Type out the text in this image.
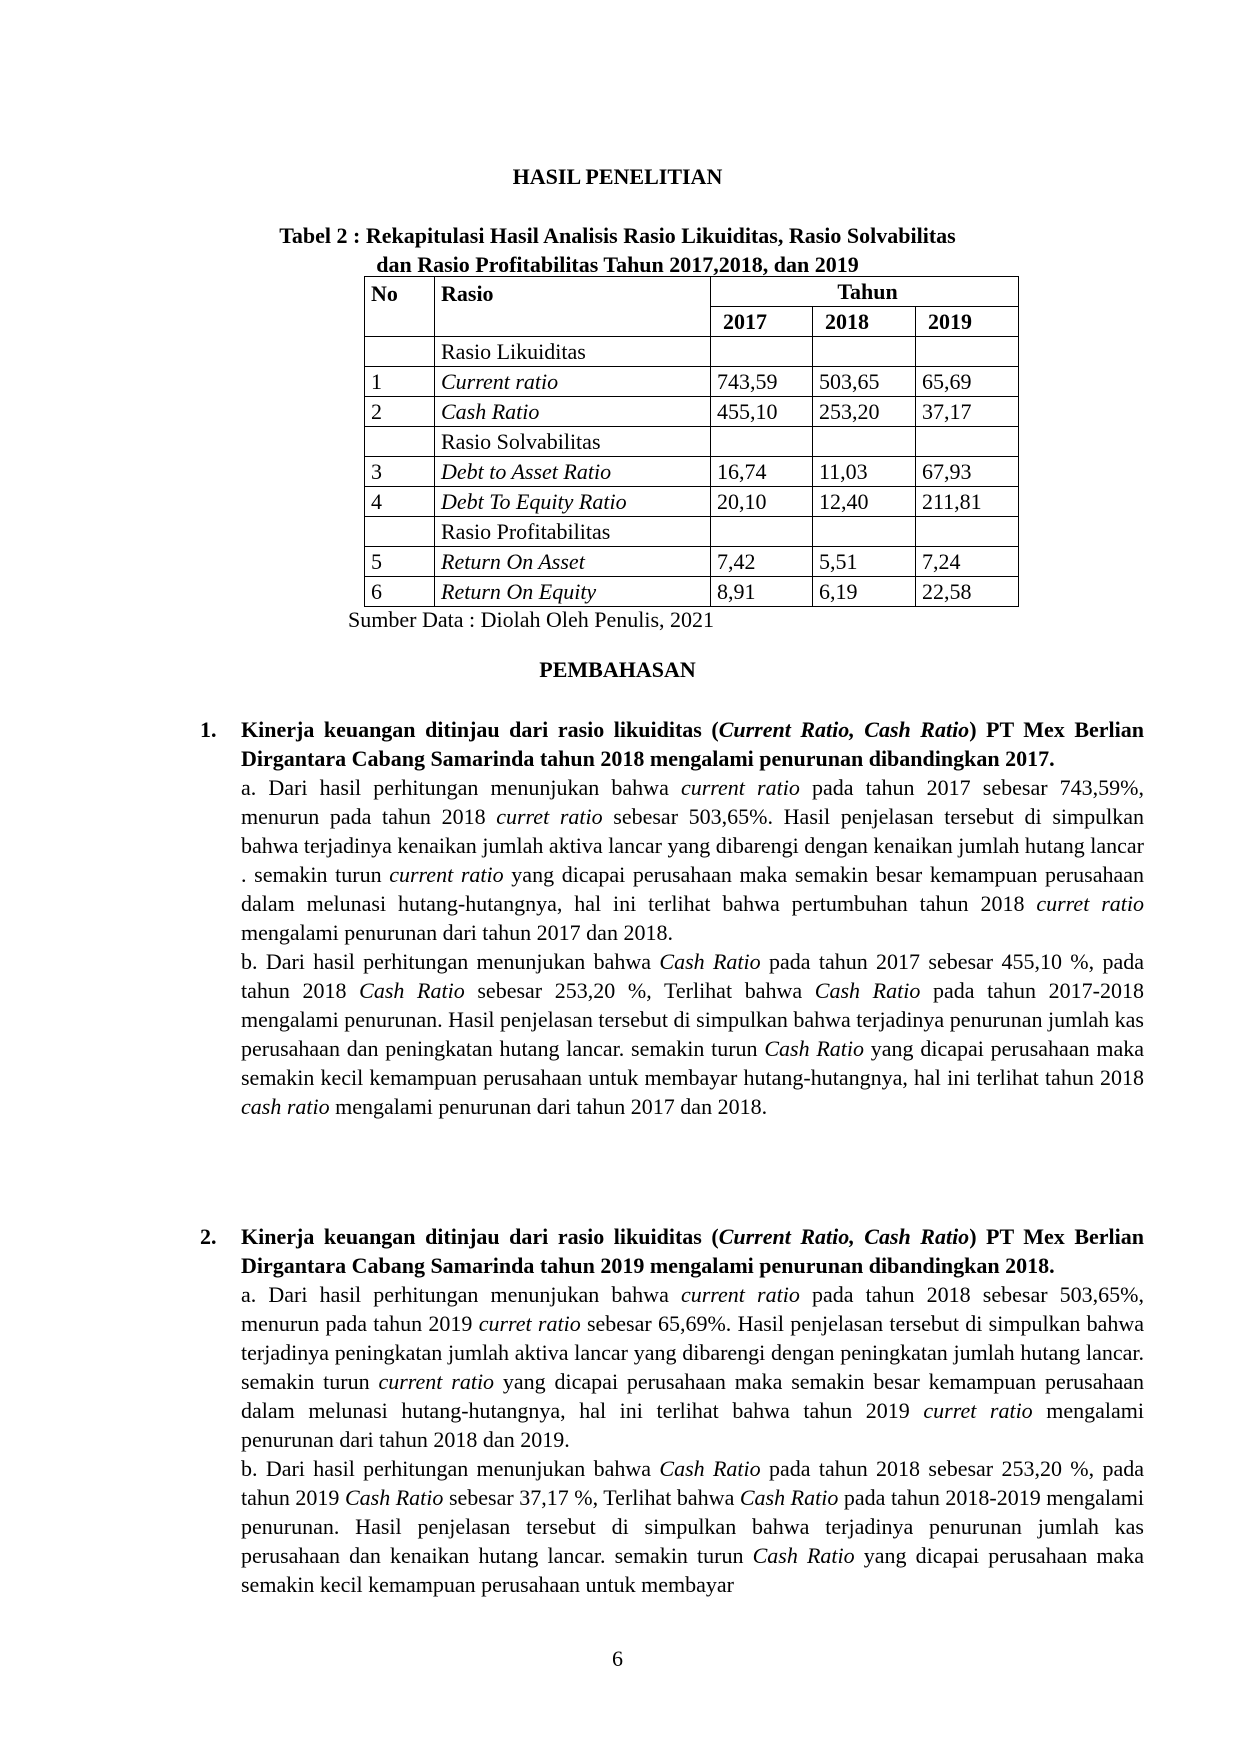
HASIL PENELITIAN
Tabel 2 : Rekapitulasi Hasil Analisis Rasio Likuiditas, Rasio Solvabilitas
dan Rasio Profitabilitas Tahun 2017,2018, dan 2019
No	Rasio	Tahun		
		2017	2018	2019
	Rasio Likuiditas			
1	Current ratio	743,59	503,65	65,69
2	Cash Ratio	455,10	253,20	37,17
	Rasio Solvabilitas			
3	Debt to Asset Ratio	16,74	11,03	67,93
4	Debt To Equity Ratio	20,10	12,40	211,81
	Rasio Profitabilitas			
5	Return On Asset	7,42	5,51	7,24
6	Return On Equity	8,91	6,19	22,58

Sumber Data : Diolah Oleh Penulis, 2021

PEMBAHASAN
1. Kinerja keuangan ditinjau dari rasio likuiditas (Current Ratio, Cash Ratio) PT Mex Berlian Dirgantara Cabang Samarinda tahun 2018 mengalami penurunan dibandingkan 2017.
a. Dari hasil perhitungan menunjukan bahwa current ratio pada tahun 2017 sebesar 743,59%, menurun pada tahun 2018 curret ratio sebesar 503,65%. Hasil penjelasan tersebut di simpulkan bahwa terjadinya kenaikan jumlah aktiva lancar yang dibarengi dengan kenaikan jumlah hutang lancar . semakin turun current ratio yang dicapai perusahaan maka semakin besar kemampuan perusahaan dalam melunasi hutang-hutangnya, hal ini terlihat bahwa pertumbuhan tahun 2018 curret ratio mengalami penurunan dari tahun 2017 dan 2018.
b. Dari hasil perhitungan menunjukan bahwa Cash Ratio pada tahun 2017 sebesar 455,10 %, pada tahun 2018 Cash Ratio sebesar 253,20 %, Terlihat bahwa Cash Ratio pada tahun 2017-2018 mengalami penurunan. Hasil penjelasan tersebut di simpulkan bahwa terjadinya penurunan jumlah kas perusahaan dan peningkatan hutang lancar. semakin turun Cash Ratio yang dicapai perusahaan maka semakin kecil kemampuan perusahaan untuk membayar hutang-hutangnya, hal ini terlihat tahun 2018 cash ratio mengalami penurunan dari tahun 2017 dan 2018.
2. Kinerja keuangan ditinjau dari rasio likuiditas (Current Ratio, Cash Ratio) PT Mex Berlian Dirgantara Cabang Samarinda tahun 2019 mengalami penurunan dibandingkan 2018.
a. Dari hasil perhitungan menunjukan bahwa current ratio pada tahun 2018 sebesar 503,65%, menurun pada tahun 2019 curret ratio sebesar 65,69%. Hasil penjelasan tersebut di simpulkan bahwa terjadinya peningkatan jumlah aktiva lancar yang dibarengi dengan peningkatan jumlah hutang lancar. semakin turun current ratio yang dicapai perusahaan maka semakin besar kemampuan perusahaan dalam melunasi hutang-hutangnya, hal ini terlihat bahwa tahun 2019 curret ratio mengalami penurunan dari tahun 2018 dan 2019.
b. Dari hasil perhitungan menunjukan bahwa Cash Ratio pada tahun 2018 sebesar 253,20 %, pada tahun 2019 Cash Ratio sebesar 37,17 %, Terlihat bahwa Cash Ratio pada tahun 2018-2019 mengalami penurunan. Hasil penjelasan tersebut di simpulkan bahwa terjadinya penurunan jumlah kas perusahaan dan kenaikan hutang lancar. semakin turun Cash Ratio yang dicapai perusahaan maka semakin kecil kemampuan perusahaan untuk membayar

6
